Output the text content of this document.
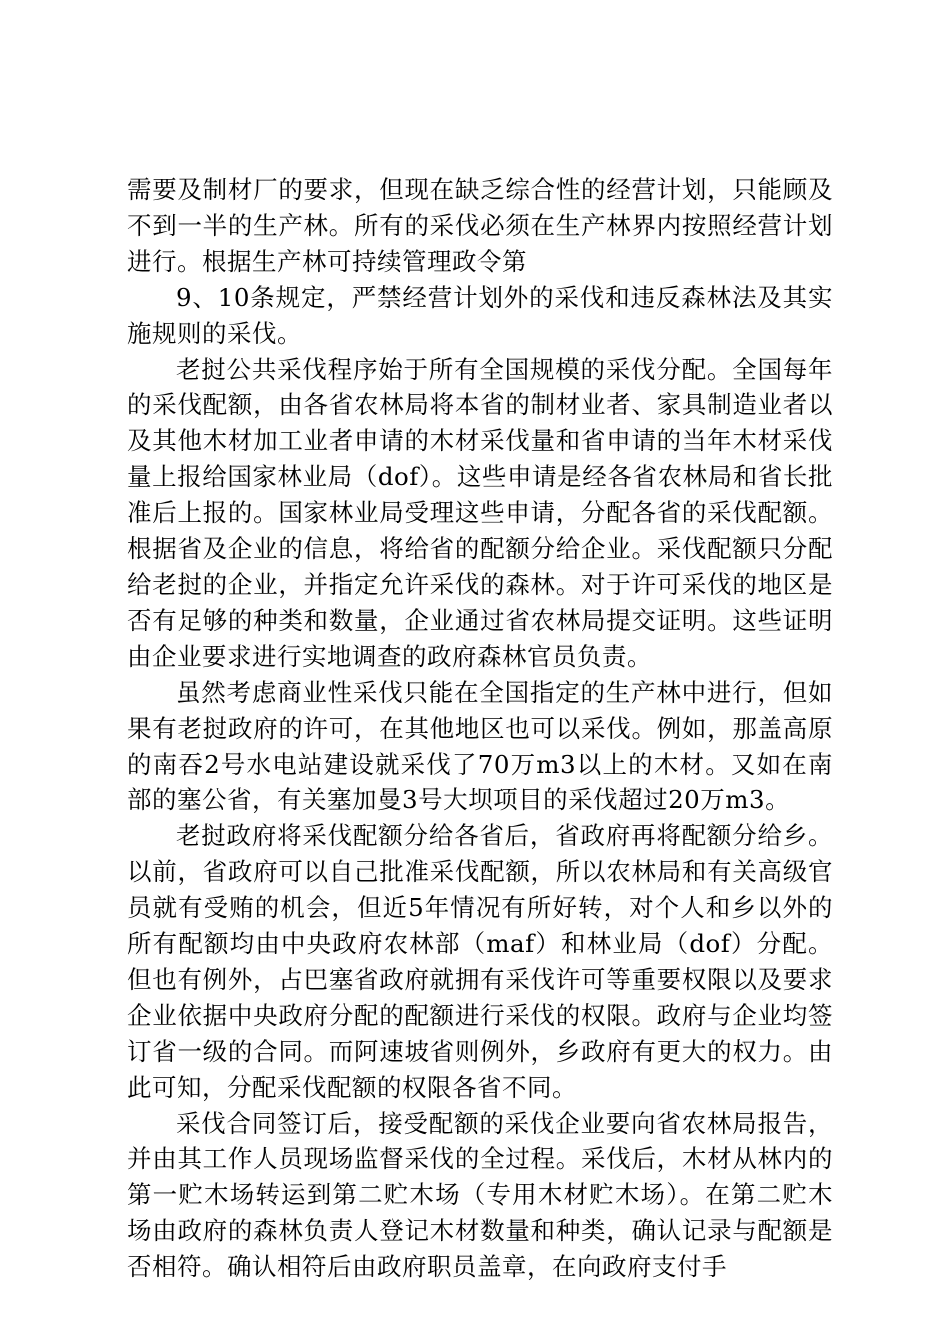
需要及制材厂的要求，但现在缺乏综合性的经营计划，只能顾及不到一半的生产林。所有的采伐必须在生产林界内按照经营计划进行。根据生产林可持续管理政令第

9、10条规定，严禁经营计划外的采伐和违反森林法及其实施规则的采伐。

老挝公共采伐程序始于所有全国规模的采伐分配。全国每年的采伐配额，由各省农林局将本省的制材业者、家具制造业者以及其他木材加工业者申请的木材采伐量和省申请的当年木材采伐量上报给国家林业局（dof）。这些申请是经各省农林局和省长批准后上报的。国家林业局受理这些申请，分配各省的采伐配额。根据省及企业的信息，将给省的配额分给企业。采伐配额只分配给老挝的企业，并指定允许采伐的森林。对于许可采伐的地区是否有足够的种类和数量，企业通过省农林局提交证明。这些证明由企业要求进行实地调查的政府森林官员负责。

虽然考虑商业性采伐只能在全国指定的生产林中进行，但如果有老挝政府的许可，在其他地区也可以采伐。例如，那盖高原的南吞2号水电站建设就采伐了70万m3以上的木材。又如在南部的塞公省，有关塞加曼3号大坝项目的采伐超过20万m3。

老挝政府将采伐配额分给各省后，省政府再将配额分给乡。以前，省政府可以自己批准采伐配额，所以农林局和有关高级官员就有受贿的机会，但近5年情况有所好转，对个人和乡以外的所有配额均由中央政府农林部（maf）和林业局（dof）分配。但也有例外，占巴塞省政府就拥有采伐许可等重要权限以及要求企业依据中央政府分配的配额进行采伐的权限。政府与企业均签订省一级的合同。而阿速坡省则例外，乡政府有更大的权力。由此可知，分配采伐配额的权限各省不同。

采伐合同签订后，接受配额的采伐企业要向省农林局报告，并由其工作人员现场监督采伐的全过程。采伐后，木材从林内的第一贮木场转运到第二贮木场（专用木材贮木场）。在第二贮木场由政府的森林负责人登记木材数量和种类，确认记录与配额是否相符。确认相符后由政府职员盖章，在向政府支付手
